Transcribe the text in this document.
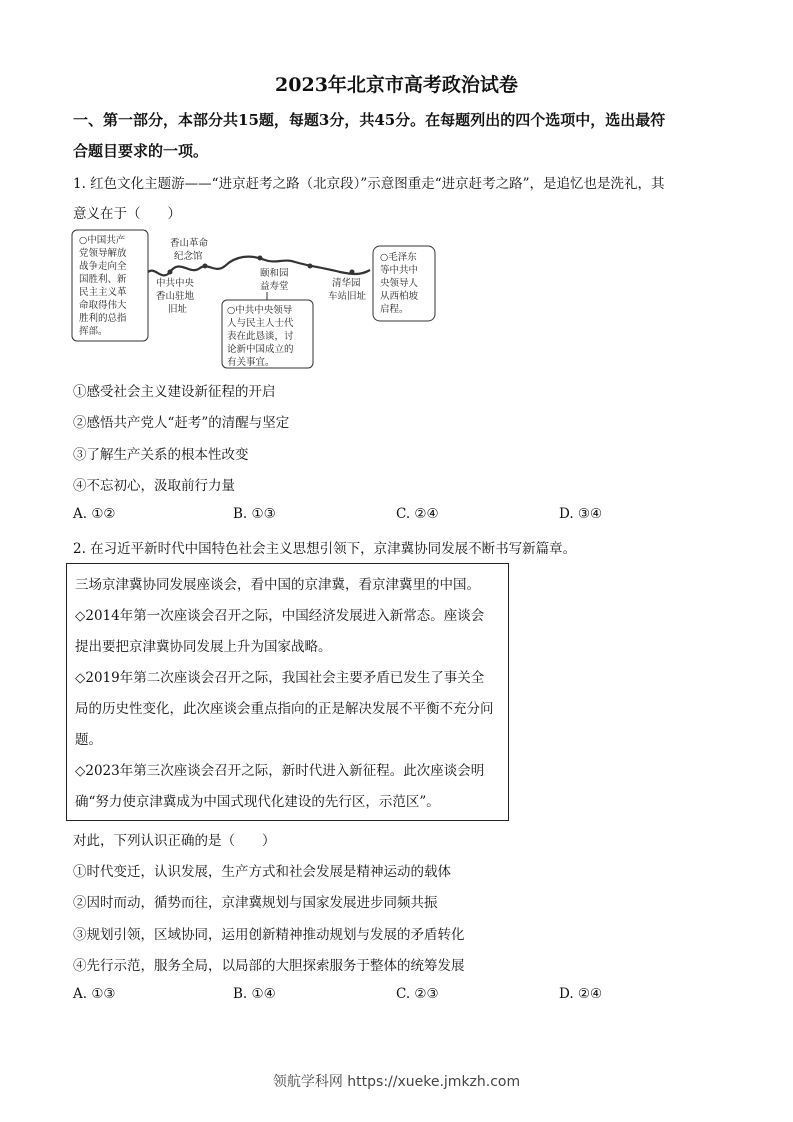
2023年北京市高考政治试卷
一、第一部分，本部分共15题，每题3分，共45分。在每题列出的四个选项中，选出最符
合题目要求的一项。
1. 红色文化主题游——“进京赶考之路（北京段）”示意图重走“进京赶考之路”，是追忆也是洗礼，其
意义在于（　　）
○中国共产 党领导解放 战争走向全 国胜利、新 民主主义革 命取得伟大 胜利的总指 挥部。
香山革命 纪念馆
中共中央 香山驻地 旧址
颐和园 益寿堂
○中共中央领导 人与民主人士代 表在此恳谈，讨 论新中国成立的 有关事宜。
清华园 车站旧址
○毛泽东 等中共中 央领导人 从西柏坡 启程。
①感受社会主义建设新征程的开启
②感悟共产党人“赶考”的清醒与坚定
③了解生产关系的根本性改变
④不忘初心，汲取前行力量
A. ①②	B. ①③	C. ②④	D. ③④
2. 在习近平新时代中国特色社会主义思想引领下，京津冀协同发展不断书写新篇章。
三场京津冀协同发展座谈会，看中国的京津冀，看京津冀里的中国。
◇2014年第一次座谈会召开之际，中国经济发展进入新常态。座谈会
提出要把京津冀协同发展上升为国家战略。
◇2019年第二次座谈会召开之际，我国社会主要矛盾已发生了事关全
局的历史性变化，此次座谈会重点指向的正是解决发展不平衡不充分问
题。
◇2023年第三次座谈会召开之际，新时代进入新征程。此次座谈会明
确“努力使京津冀成为中国式现代化建设的先行区，示范区”。
对此，下列认识正确的是（　　）
①时代变迁，认识发展，生产方式和社会发展是精神运动的载体
②因时而动，循势而往，京津冀规划与国家发展进步同频共振
③规划引领，区域协同，运用创新精神推动规划与发展的矛盾转化
④先行示范，服务全局，以局部的大胆探索服务于整体的统筹发展
A. ①③	B. ①④	C. ②③	D. ②④
领航学科网 https://xueke.jmkzh.com
